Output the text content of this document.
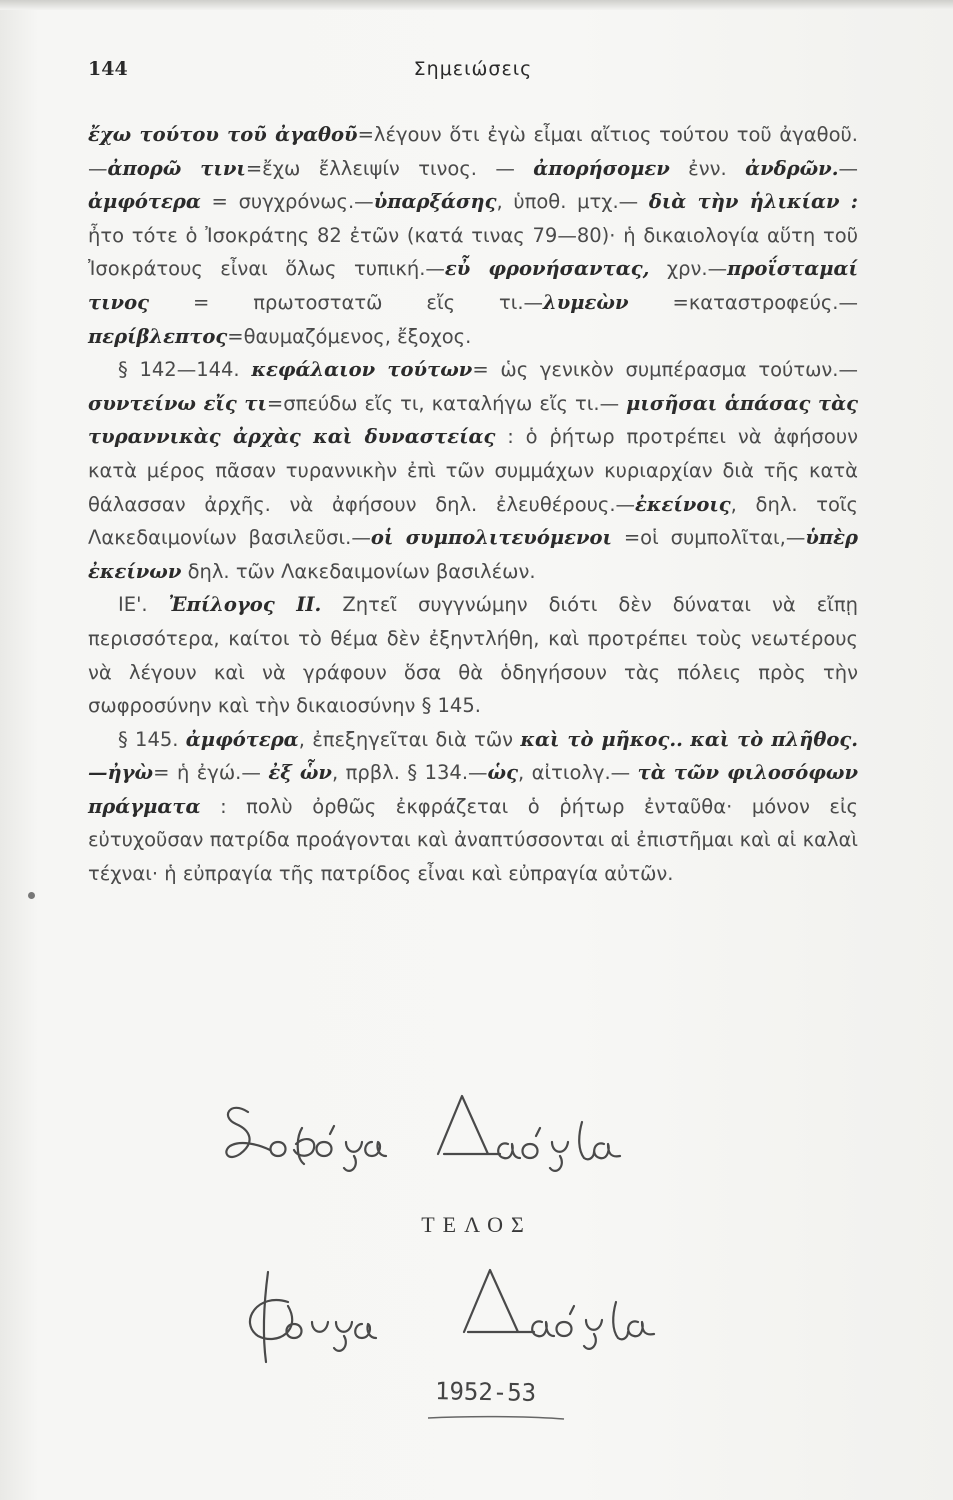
144	Σημειώσεις

ἔχω τούτου τοῦ ἀγαθοῦ=λέγουν ὅτι ἐγὼ εἶμαι αἴτιος τούτου τοῦ ἀγαθοῦ.—ἀπορῶ τινι=ἔχω ἔλλειψίν τινος. — ἀπορήσομεν ἐνν. ἀνδρῶν.— ἀμφότερα = συγχρόνως.—ὑπαρξάσης, ὑποθ. μτχ.— διὰ τὴν ἡλικίαν : ἦτο τότε ὁ Ἰσοκράτης 82 ἐτῶν (κατά τινας 79—80)· ἡ δικαιολογία αὕτη τοῦ Ἰσοκράτους εἶναι ὅλως τυπική.—εὖ φρονήσαντας, χρν.—προΐσταμαί τινος = πρωτοστατῶ εἴς τι.—λυμεὼν =καταστροφεύς.—περίβλεπτος=θαυμαζόμενος, ἔξοχος.

§ 142—144. κεφάλαιον τούτων= ὡς γενικὸν συμπέρασμα τούτων.—συντείνω εἴς τι=σπεύδω εἴς τι, καταλήγω εἴς τι.— μισῆσαι ἁπάσας τὰς τυραννικὰς ἀρχὰς καὶ δυναστείας : ὁ ῥήτωρ προτρέπει νὰ ἀφήσουν κατὰ μέρος πᾶσαν τυραννικὴν ἐπὶ τῶν συμμάχων κυριαρχίαν διὰ τῆς κατὰ θάλασσαν ἀρχῆς. νὰ ἀφήσουν δηλ. ἐλευθέρους.—ἐκείνοις, δηλ. τοῖς Λακεδαιμονίων βασιλεῦσι.—οἱ συμπολιτευόμενοι =οἱ συμπολῖται,—ὑπὲρ ἐκείνων δηλ. τῶν Λακεδαιμονίων βασιλέων.

ΙΕ'. Ἐπίλογος ΙΙ. Ζητεῖ συγγνώμην διότι δὲν δύναται νὰ εἴπῃ περισσότερα, καίτοι τὸ θέμα δὲν ἐξηντλήθη, καὶ προτρέπει τοὺς νεωτέρους νὰ λέγουν καὶ νὰ γράφουν ὅσα θὰ ὁδηγήσουν τὰς πόλεις πρὸς τὴν σωφροσύνην καὶ τὴν δικαιοσύνην § 145.

§ 145. ἀμφότερα, ἐπεξηγεῖται διὰ τῶν καὶ τὸ μῆκος.. καὶ τὸ πλῆθος.—ἠγὼ= ἡ ἐγώ.— ἐξ ὧν, πρβλ. § 134.—ὡς, αἰτιολγ.— τὰ τῶν φιλοσόφων πράγματα : πολὺ ὀρθῶς ἐκφράζεται ὁ ῥήτωρ ἐνταῦθα· μόνον εἰς εὐτυχοῦσαν πατρίδα προάγονται καὶ ἀναπτύσσονται αἱ ἐπιστῆμαι καὶ αἱ καλαὶ τέχναι· ἡ εὐπραγία τῆς πατρίδος εἶναι καὶ εὐπραγία αὐτῶν.

ΤΕΛΟΣ
1952-53
